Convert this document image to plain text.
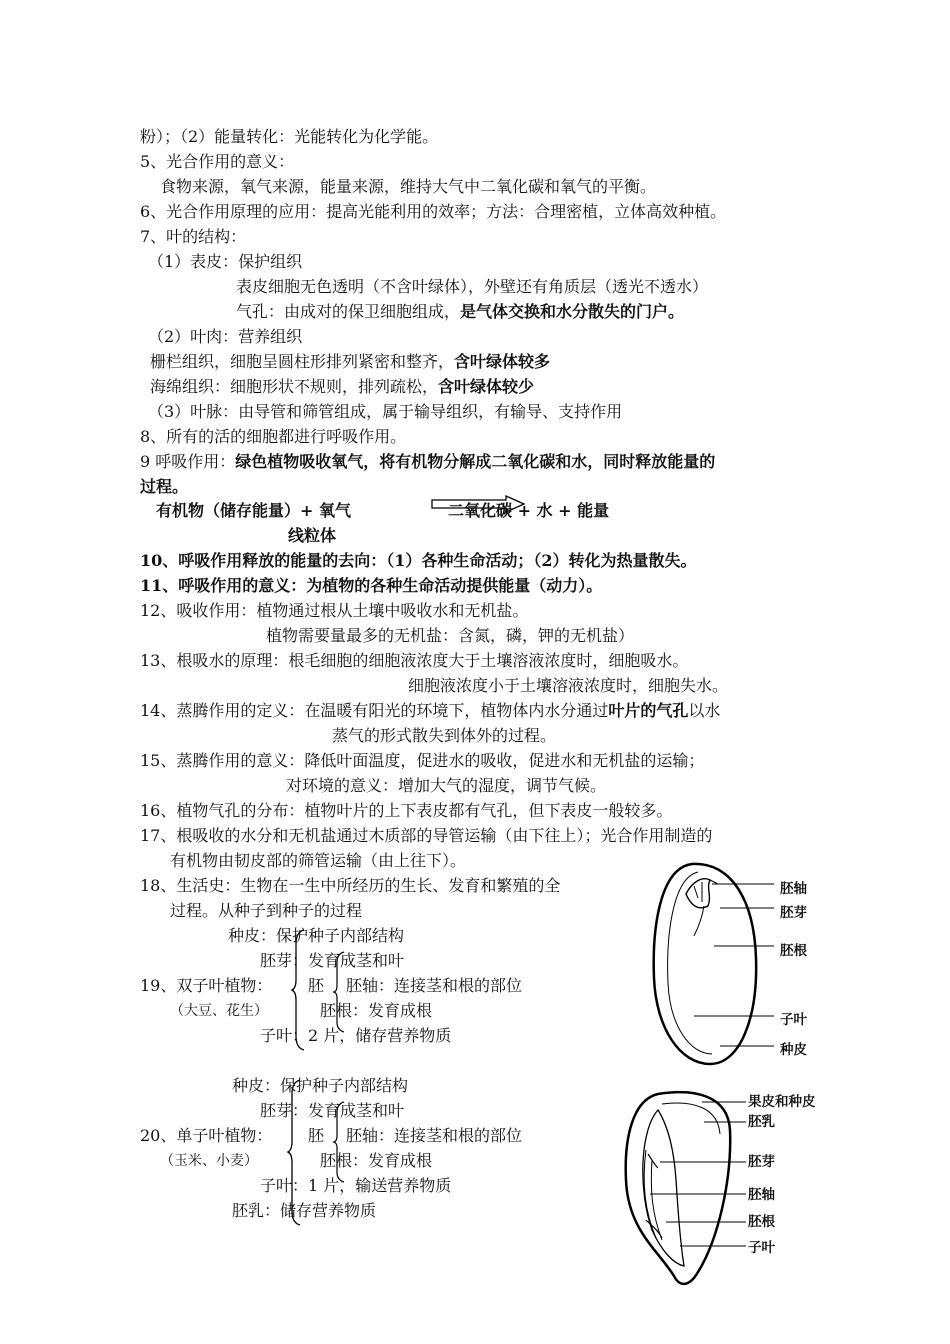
粉）；（2）能量转化：光能转化为化学能。
5、光合作用的意义：
食物来源，氧气来源，能量来源，维持大气中二氧化碳和氧气的平衡。
6、光合作用原理的应用：提高光能利用的效率；方法：合理密植，立体高效种植。
7、叶的结构：
（1）表皮：保护组织
表皮细胞无色透明（不含叶绿体），外壁还有角质层（透光不透水）
气孔：由成对的保卫细胞组成，是气体交换和水分散失的门户。
（2）叶肉：营养组织
栅栏组织，细胞呈圆柱形排列紧密和整齐，含叶绿体较多
海绵组织：细胞形状不规则，排列疏松，含叶绿体较少
（3）叶脉：由导管和筛管组成，属于输导组织，有输导、支持作用
8、所有的活的细胞都进行呼吸作用。
9 呼吸作用：绿色植物吸收氧气，将有机物分解成二氧化碳和水，同时释放能量的
过程。
有机物（储存能量）+ 氧气	二氧化碳 + 水 + 能量
线粒体
10、呼吸作用释放的能量的去向：（1）各种生命活动；（2）转化为热量散失。
11、呼吸作用的意义：为植物的各种生命活动提供能量（动力）。
12、吸收作用：植物通过根从土壤中吸收水和无机盐。
植物需要量最多的无机盐：含氮，磷，钾的无机盐）
13、根吸水的原理：根毛细胞的细胞液浓度大于土壤溶液浓度时，细胞吸水。
细胞液浓度小于土壤溶液浓度时，细胞失水。
14、蒸腾作用的定义：在温暖有阳光的环境下，植物体内水分通过叶片的气孔以水
蒸气的形式散失到体外的过程。
15、蒸腾作用的意义：降低叶面温度，促进水的吸收，促进水和无机盐的运输；
对环境的意义：增加大气的湿度，调节气候。
16、植物气孔的分布：植物叶片的上下表皮都有气孔，但下表皮一般较多。
17、根吸收的水分和无机盐通过木质部的导管运输（由下往上）；光合作用制造的
有机物由韧皮部的筛管运输（由上往下）。
18、生活史：生物在一生中所经历的生长、发育和繁殖的全
过程。从种子到种子的过程
种皮：保护种子内部结构
胚芽：发育成茎和叶
19、双子叶植物： 胚 胚轴：连接茎和根的部位
（大豆、花生）	胚根：发育成根
子叶：2 片，储存营养物质
种皮：保护种子内部结构
胚芽：发育成茎和叶
20、单子叶植物： 胚 胚轴：连接茎和根的部位
（玉米、小麦）	胚根：发育成根
子叶：1 片，输送营养物质
胚乳：储存营养物质
胚轴
胚芽
胚根
子叶
种皮
果皮和种皮
胚乳
胚芽
胚轴
胚根
子叶
